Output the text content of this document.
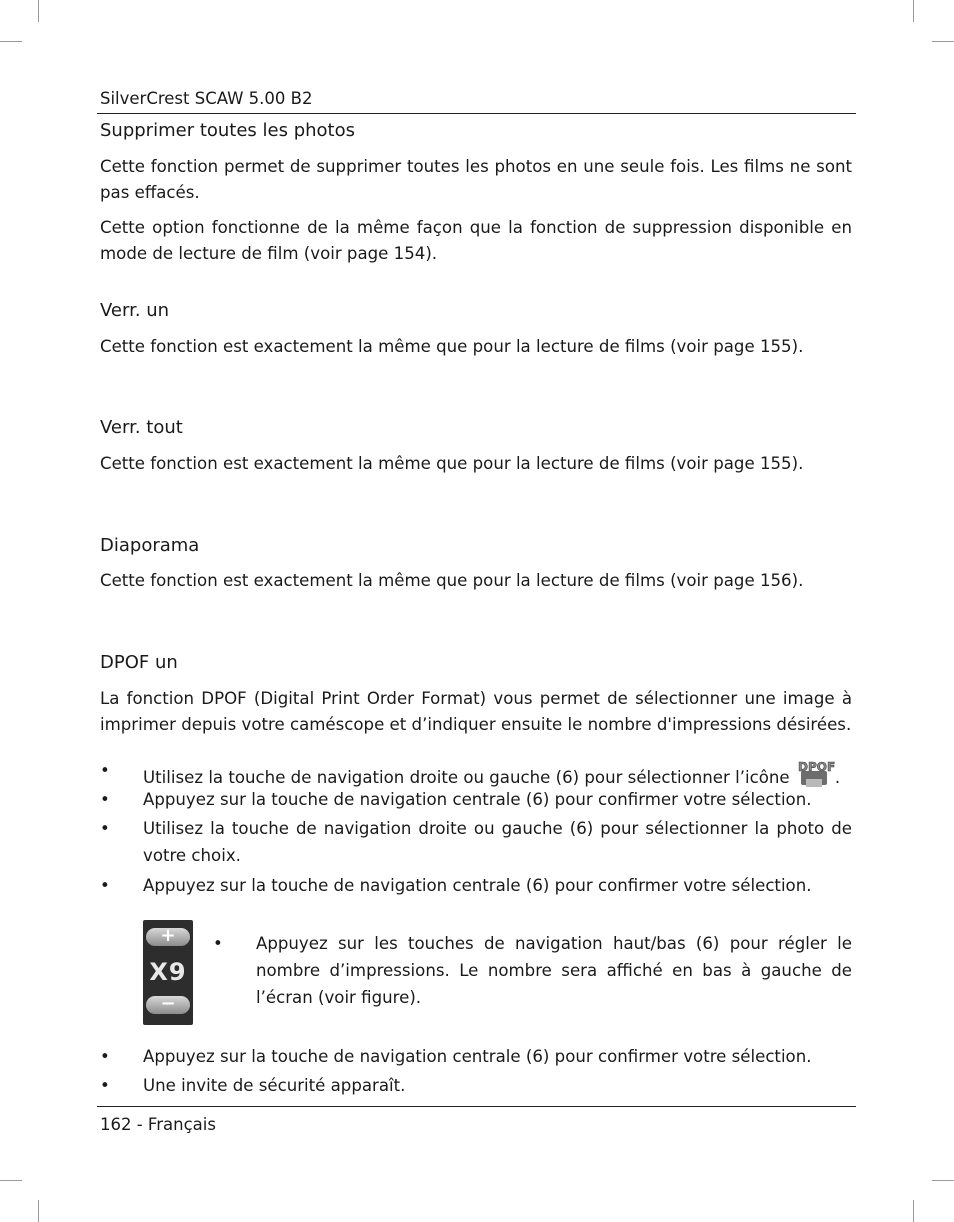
SilverCrest SCAW 5.00 B2
Supprimer toutes les photos
Cette fonction permet de supprimer toutes les photos en une seule fois. Les films ne sont pas effacés.
Cette option fonctionne de la même façon que la fonction de suppression disponible en mode de lecture de film (voir page 154).
Verr. un
Cette fonction est exactement la même que pour la lecture de films (voir page 155).
Verr. tout
Cette fonction est exactement la même que pour la lecture de films (voir page 155).
Diaporama
Cette fonction est exactement la même que pour la lecture de films (voir page 156).
DPOF un
La fonction DPOF (Digital Print Order Format) vous permet de sélectionner une image à imprimer depuis votre caméscope et d’indiquer ensuite le nombre d'impressions désirées.
• Utilisez la touche de navigation droite ou gauche (6) pour sélectionner l’icône
DPOF
.
• Appuyez sur la touche de navigation centrale (6) pour confirmer votre sélection.
• Utilisez la touche de navigation droite ou gauche (6) pour sélectionner la photo de votre choix.
• Appuyez sur la touche de navigation centrale (6) pour confirmer votre sélection.
+
X9
−
• Appuyez sur les touches de navigation haut/bas (6) pour régler le nombre d’impressions. Le nombre sera affiché en bas à gauche de l’écran (voir figure).
• Appuyez sur la touche de navigation centrale (6) pour confirmer votre sélection.
• Une invite de sécurité apparaît.
162 - Français
